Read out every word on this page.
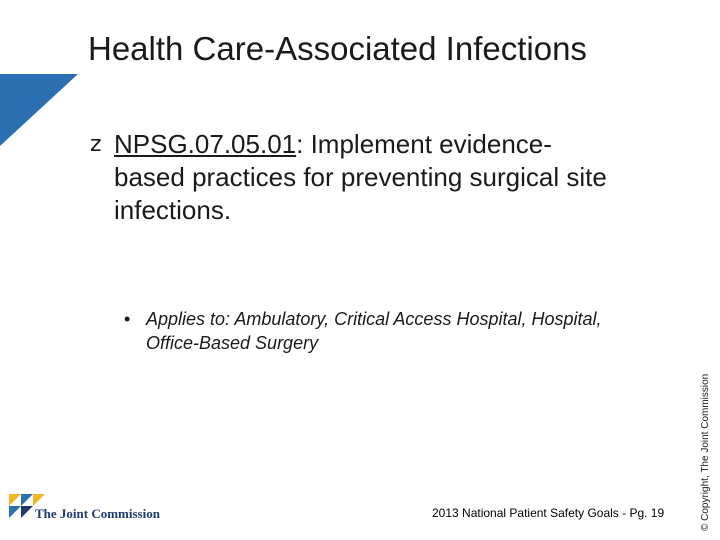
Health Care-Associated Infections
z NPSG.07.05.01: Implement evidence-based practices for preventing surgical site infections.
• Applies to: Ambulatory, Critical Access Hospital, Hospital, Office-Based Surgery
© Copyright, The Joint Commission
2013 National Patient Safety Goals - Pg. 19
The Joint Commission
